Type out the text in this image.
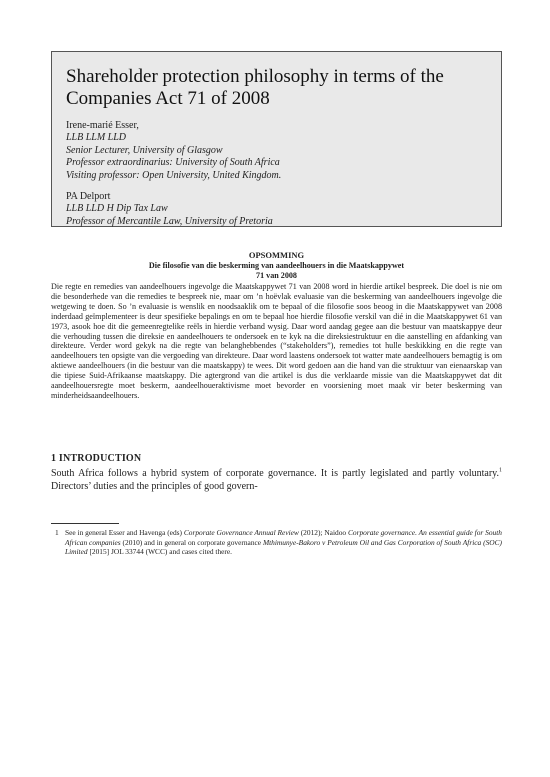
Shareholder protection philosophy in terms of the Companies Act 71 of 2008
Irene-marié Esser,
LLB LLM LLD
Senior Lecturer, University of Glasgow
Professor extraordinarius: University of South Africa
Visiting professor: Open University, United Kingdom.
PA Delport
LLB LLD H Dip Tax Law
Professor of Mercantile Law, University of Pretoria
OPSOMMING
Die filosofie van die beskerming van aandeelhouers in die Maatskappywet
71 van 2008
Die regte en remedies van aandeelhouers ingevolge die Maatskappywet 71 van 2008 word in hierdie artikel bespreek. Die doel is nie om die besonderhede van die remedies te bespreek nie, maar om ’n hoëvlak evaluasie van die beskerming van aandeelhouers ingevolge die wetgewing te doen. So ’n evaluasie is wenslik en noodsaaklik om te bepaal of die filosofie soos beoog in die Maatskappywet van 2008 inderdaad geïmplementeer is deur spesifieke bepalings en om te bepaal hoe hierdie filosofie verskil van dié in die Maatskappywet 61 van 1973, asook hoe dit die gemeenregtelike reëls in hierdie verband wysig. Daar word aandag gegee aan die bestuur van maatskappye deur die verhouding tussen die direksie en aandeelhouers te ondersoek en te kyk na die direksiestruktuur en die aanstelling en afdanking van direkteure. Verder word gekyk na die regte van belanghebbendes (“stakeholders”), remedies tot hulle beskikking en die regte van aandeelhouers ten opsigte van die vergoeding van direkteure. Daar word laastens ondersoek tot watter mate aandeelhouers bemagtig is om aktiewe aandeelhouers (in die bestuur van die maatskappy) te wees. Dit word gedoen aan die hand van die struktuur van eienaarskap van die tipiese Suid-Afrikaanse maatskappy. Die agtergrond van die artikel is dus die verklaarde missie van die Maatskappywet dat dit aandeelhouersregte moet beskerm, aandeelhoueraktivisme moet bevorder en voorsiening moet maak vir beter beskerming van minderheidsaandeelhouers.
1 INTRODUCTION
South Africa follows a hybrid system of corporate governance. It is partly legislated and partly voluntary.$^1$ Directors’ duties and the principles of good govern-
1 See in general Esser and Havenga (eds) Corporate Governance Annual Review (2012); Naidoo Corporate governance. An essential guide for South African companies (2010) and in general on corporate governance Mthimunye-Bakoro v Petroleum Oil and Gas Corporation of South Africa (SOC) Limited [2015] JOL 33744 (WCC) and cases cited there.
